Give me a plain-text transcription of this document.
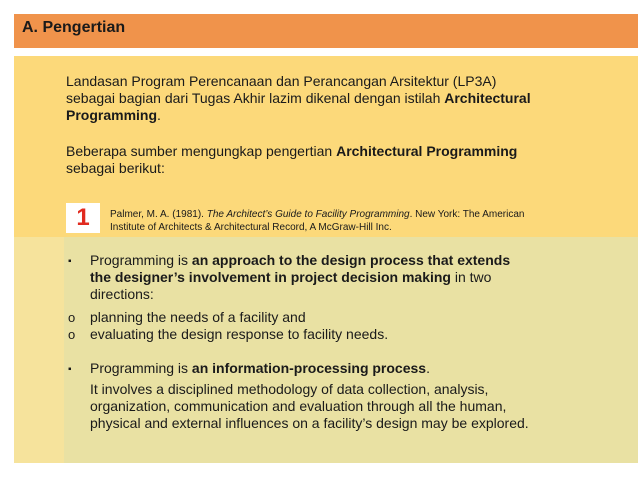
A. Pengertian
Landasan Program Perencanaan dan Perancangan Arsitektur (LP3A) sebagai bagian dari Tugas Akhir lazim dikenal dengan istilah Architectural Programming.
Beberapa sumber mengungkap pengertian Architectural Programming sebagai berikut:
1	Palmer, M. A. (1981). The Architect’s Guide to Facility Programming. New York: The American Institute of Architects & Architectural Record, A McGraw-Hill Inc.
▪ Programming is an approach to the design process that extends the designer’s involvement in project decision making in two directions:
o planning the needs of a facility and
o evaluating the design response to facility needs.
▪ Programming is an information-processing process.
It involves a disciplined methodology of data collection, analysis, organization, communication and evaluation through all the human, physical and external influences on a facility’s design may be explored.
